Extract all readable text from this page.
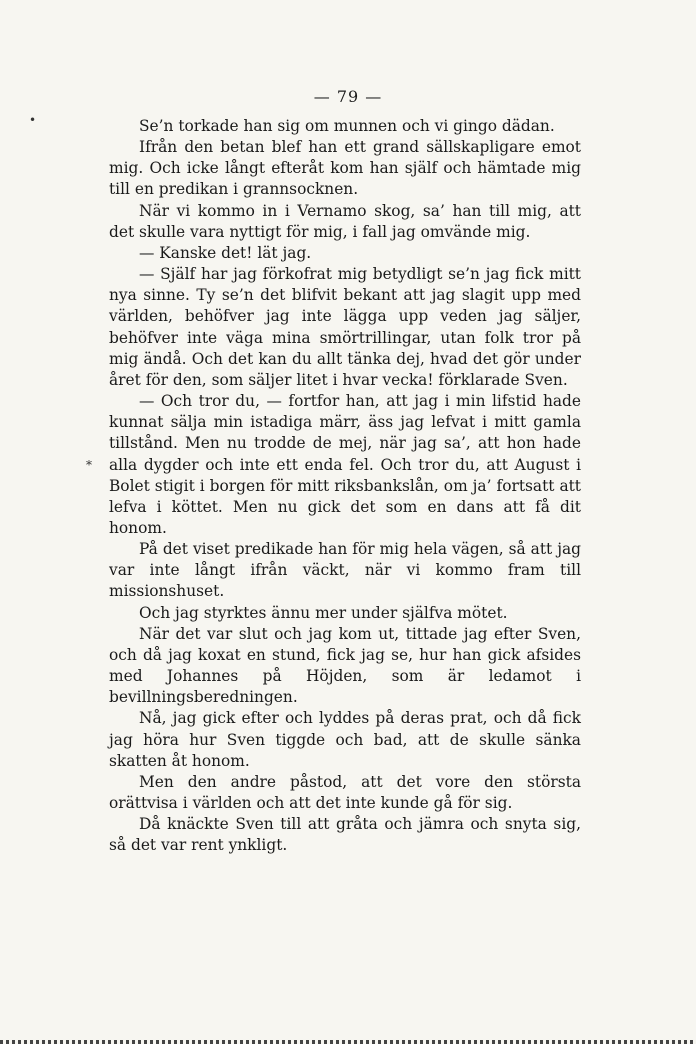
— 79 —
•
*

Se’n torkade han sig om munnen och vi gingo dädan.

Ifrån den betan blef han ett grand sällskapligare emot mig. Och icke långt efteråt kom han själf och hämtade mig till en predikan i grannsocknen.

När vi kommo in i Vernamo skog, sa’ han till mig, att det skulle vara nyttigt för mig, i fall jag omvände mig.

— Kanske det! lät jag.

— Själf har jag förkofrat mig betydligt se’n jag fick mitt nya sinne. Ty se’n det blifvit bekant att jag slagit upp med världen, behöfver jag inte lägga upp veden jag säljer, behöfver inte väga mina smörtrillingar, utan folk tror på mig ändå. Och det kan du allt tänka dej, hvad det gör under året för den, som säljer litet i hvar vecka! förklarade Sven.

— Och tror du, — fortfor han, att jag i min lifstid hade kunnat sälja min istadiga märr, äss jag lefvat i mitt gamla tillstånd. Men nu trodde de mej, när jag sa’, att hon hade alla dygder och inte ett enda fel. Och tror du, att August i Bolet stigit i borgen för mitt riksbankslån, om ja’ fortsatt att lefva i köttet. Men nu gick det som en dans att få dit honom.

På det viset predikade han för mig hela vägen, så att jag var inte långt ifrån väckt, när vi kommo fram till missionshuset.

Och jag styrktes ännu mer under själfva mötet.

När det var slut och jag kom ut, tittade jag efter Sven, och då jag koxat en stund, fick jag se, hur han gick afsides med Johannes på Höjden, som är ledamot i bevillningsberedningen.

Nå, jag gick efter och lyddes på deras prat, och då fick jag höra hur Sven tiggde och bad, att de skulle sänka skatten åt honom.

Men den andre påstod, att det vore den största orättvisa i världen och att det inte kunde gå för sig.

Då knäckte Sven till att gråta och jämra och snyta sig, så det var rent ynkligt.
